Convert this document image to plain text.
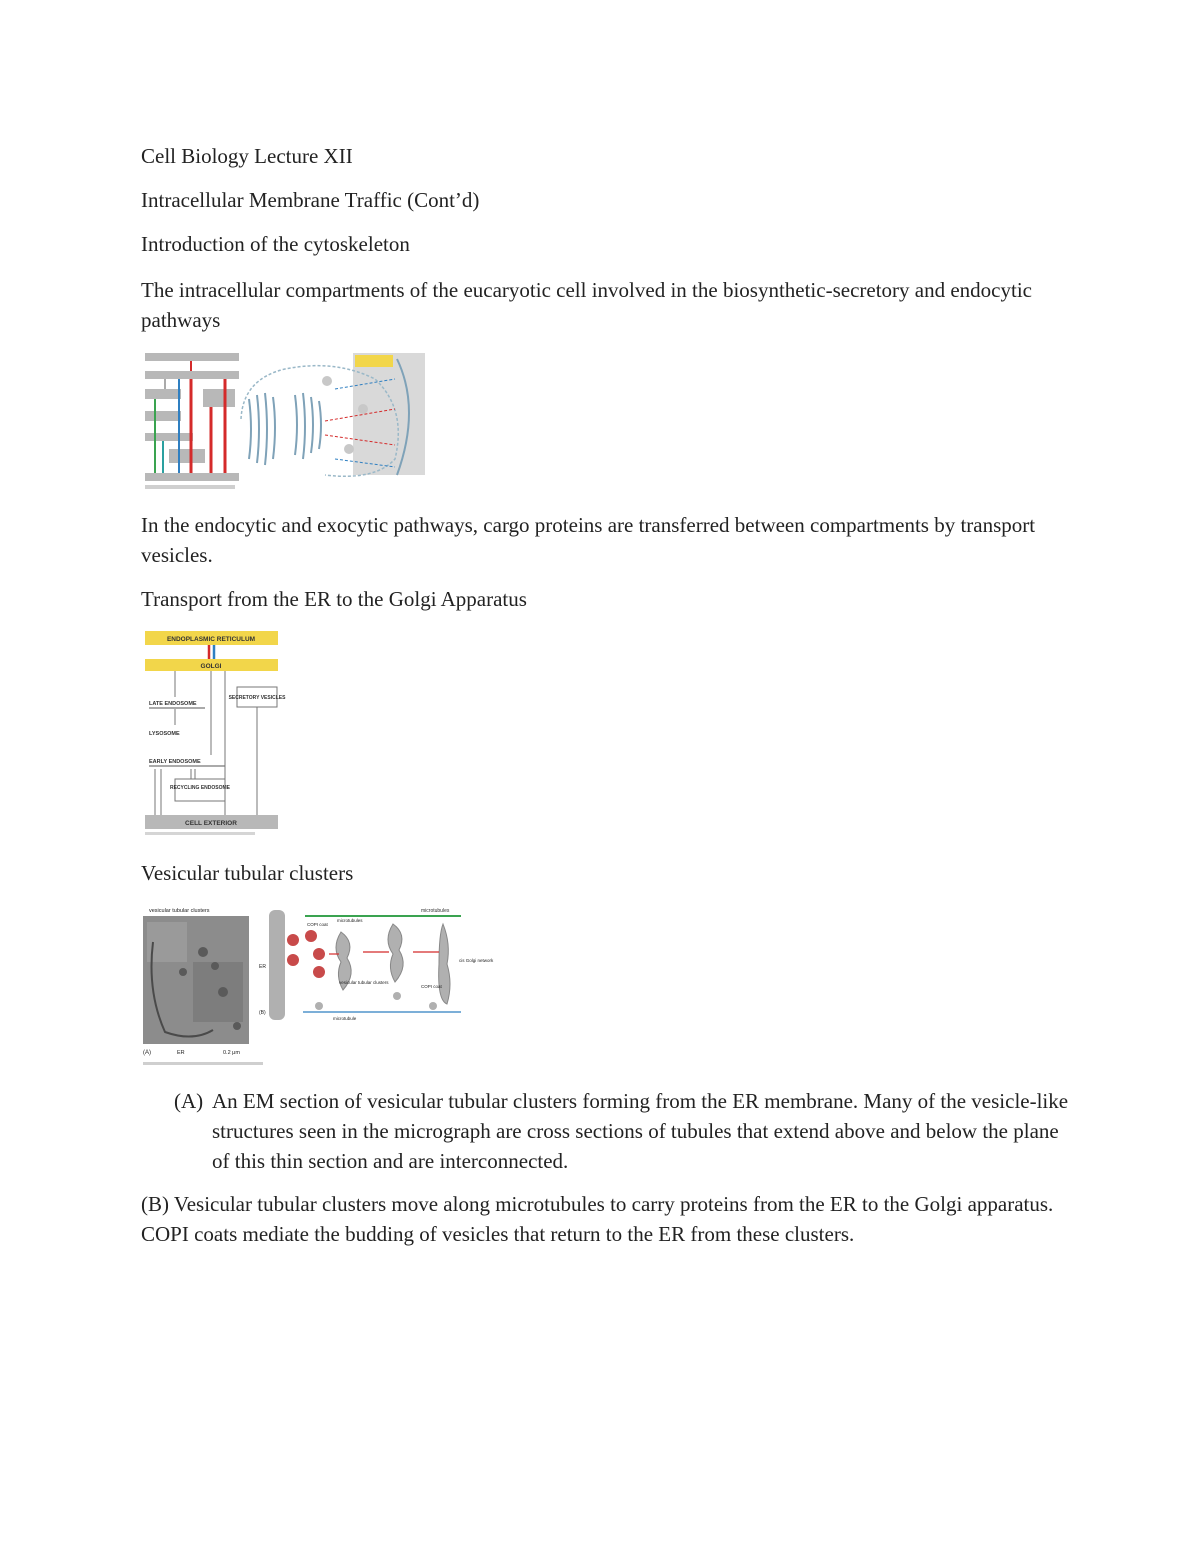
Cell Biology Lecture XII

Intracellular Membrane Traffic (Cont’d)

Introduction of the cytoskeleton

The intracellular compartments of the eucaryotic cell involved in the biosynthetic-secretory and endocytic pathways

In the endocytic and exocytic pathways, cargo proteins are transferred between compartments by transport vesicles.

Transport from the ER to the Golgi Apparatus

ENDOPLASMIC RETICULUM
GOLGI
LATE ENDOSOME
LYSOSOME
EARLY ENDOSOME
RECYCLING ENDOSOME
SECRETORY VESICLES
CELL EXTERIOR

Vesicular tubular clusters

vesicular tubular clusters
(A)	ER	0.2 μm
microtubules
ER
COPI coat
microtubules
cis Golgi network
microtubule
COPI coat
vesicular tubular clusters
(B)
(A) An EM section of vesicular tubular clusters forming from the ER membrane. Many of the vesicle-like structures seen in the micrograph are cross sections of tubules that extend above and below the plane of this thin section and are interconnected.

(B) Vesicular tubular clusters move along microtubules to carry proteins from the ER to the Golgi apparatus. COPI coats mediate the budding of vesicles that return to the ER from these clusters.
